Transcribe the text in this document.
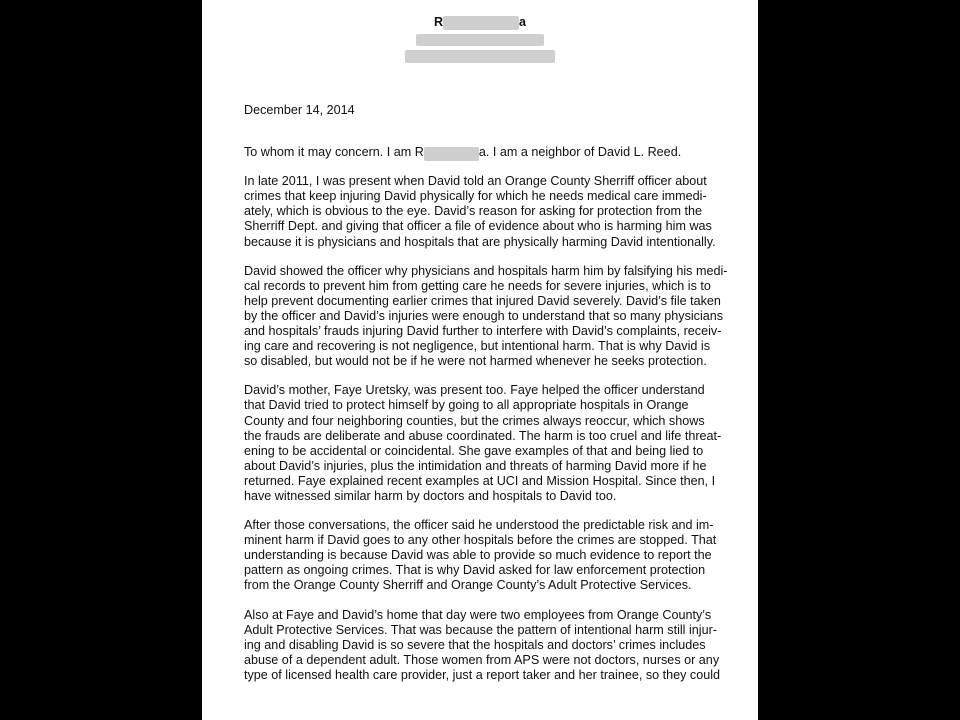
R	a
December 14, 2014
To whom it may concern. I am R	a. I am a neighbor of David L. Reed.
In late 2011, I was present when David told an Orange County Sherriff officer about
crimes that keep injuring David physically for which he needs medical care immedi-
ately, which is obvious to the eye. David’s reason for asking for protection from the
Sherriff Dept. and giving that officer a file of evidence about who is harming him was
because it is physicians and hospitals that are physically harming David intentionally.
David showed the officer why physicians and hospitals harm him by falsifying his medi-
cal records to prevent him from getting care he needs for severe injuries, which is to
help prevent documenting earlier crimes that injured David severely. David’s file taken
by the officer and David’s injuries were enough to understand that so many physicians
and hospitals’ frauds injuring David further to interfere with David’s complaints, receiv-
ing care and recovering is not negligence, but intentional harm. That is why David is
so disabled, but would not be if he were not harmed whenever he seeks protection.
David’s mother, Faye Uretsky, was present too. Faye helped the officer understand
that David tried to protect himself by going to all appropriate hospitals in Orange
County and four neighboring counties, but the crimes always reoccur, which shows
the frauds are deliberate and abuse coordinated. The harm is too cruel and life threat-
ening to be accidental or coincidental. She gave examples of that and being lied to
about David’s injuries, plus the intimidation and threats of harming David more if he
returned. Faye explained recent examples at UCI and Mission Hospital. Since then, I
have witnessed similar harm by doctors and hospitals to David too.
After those conversations, the officer said he understood the predictable risk and im-
minent harm if David goes to any other hospitals before the crimes are stopped. That
understanding is because David was able to provide so much evidence to report the
pattern as ongoing crimes. That is why David asked for law enforcement protection
from the Orange County Sherriff and Orange County’s Adult Protective Services.
Also at Faye and David’s home that day were two employees from Orange County’s
Adult Protective Services. That was because the pattern of intentional harm still injur-
ing and disabling David is so severe that the hospitals and doctors’ crimes includes
abuse of a dependent adult. Those women from APS were not doctors, nurses or any
type of licensed health care provider, just a report taker and her trainee, so they could
